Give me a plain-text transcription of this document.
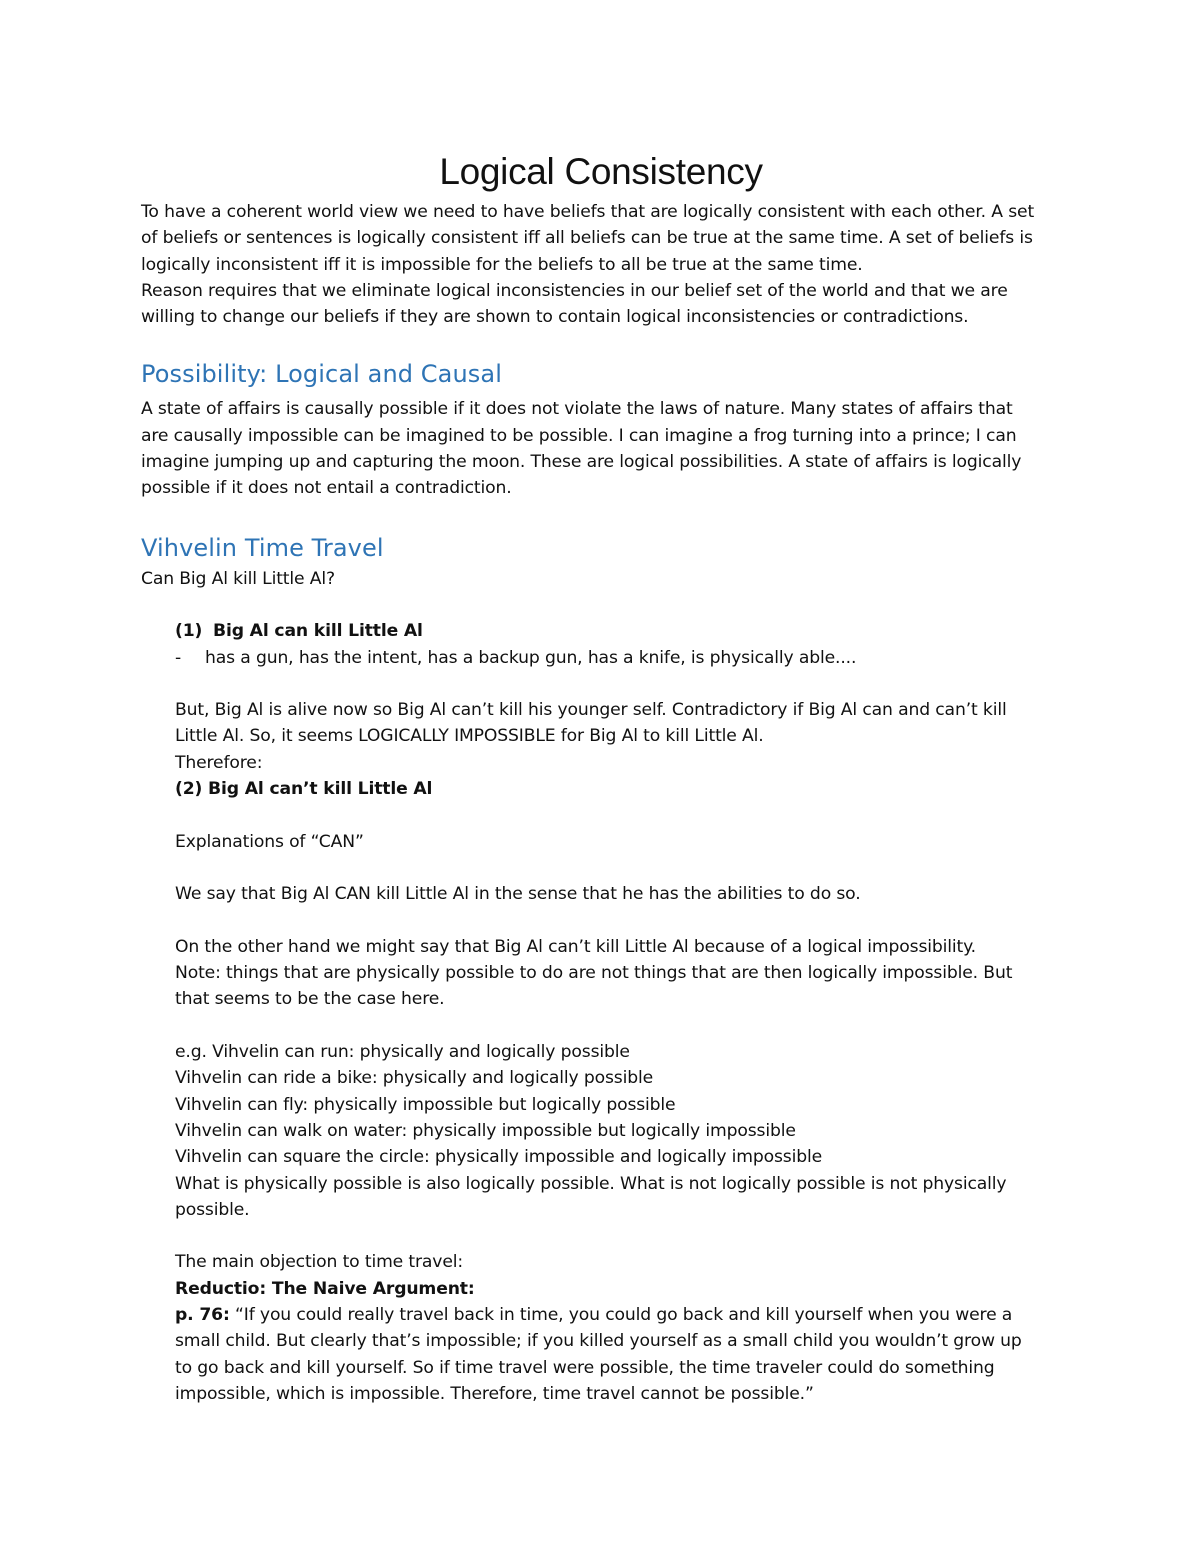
Logical Consistency

To have a coherent world view we need to have beliefs that are logically consistent with each other. A set

of beliefs or sentences is logically consistent iff all beliefs can be true at the same time. A set of beliefs is

logically inconsistent iff it is impossible for the beliefs to all be true at the same time.

Reason requires that we eliminate logical inconsistencies in our belief set of the world and that we are

willing to change our beliefs if they are shown to contain logical inconsistencies or contradictions.

Possibility: Logical and Causal

A state of affairs is causally possible if it does not violate the laws of nature. Many states of affairs that

are causally impossible can be imagined to be possible. I can imagine a frog turning into a prince; I can

imagine jumping up and capturing the moon. These are logical possibilities. A state of affairs is logically

possible if it does not entail a contradiction.

Vihvelin Time Travel

Can Big Al kill Little Al?

(1) Big Al can kill Little Al

-	has a gun, has the intent, has a backup gun, has a knife, is physically able....

But, Big Al is alive now so Big Al can’t kill his younger self. Contradictory if Big Al can and can’t kill

Little Al. So, it seems LOGICALLY IMPOSSIBLE for Big Al to kill Little Al.

Therefore:

(2) Big Al can’t kill Little Al

Explanations of “CAN”

We say that Big Al CAN kill Little Al in the sense that he has the abilities to do so.

On the other hand we might say that Big Al can’t kill Little Al because of a logical impossibility.

Note: things that are physically possible to do are not things that are then logically impossible. But

that seems to be the case here.

e.g. Vihvelin can run: physically and logically possible

Vihvelin can ride a bike: physically and logically possible

Vihvelin can fly: physically impossible but logically possible

Vihvelin can walk on water: physically impossible but logically impossible

Vihvelin can square the circle: physically impossible and logically impossible

What is physically possible is also logically possible. What is not logically possible is not physically

possible.

The main objection to time travel:

Reductio: The Naive Argument:

p. 76: “If you could really travel back in time, you could go back and kill yourself when you were a

small child. But clearly that’s impossible; if you killed yourself as a small child you wouldn’t grow up

to go back and kill yourself. So if time travel were possible, the time traveler could do something

impossible, which is impossible. Therefore, time travel cannot be possible.”
